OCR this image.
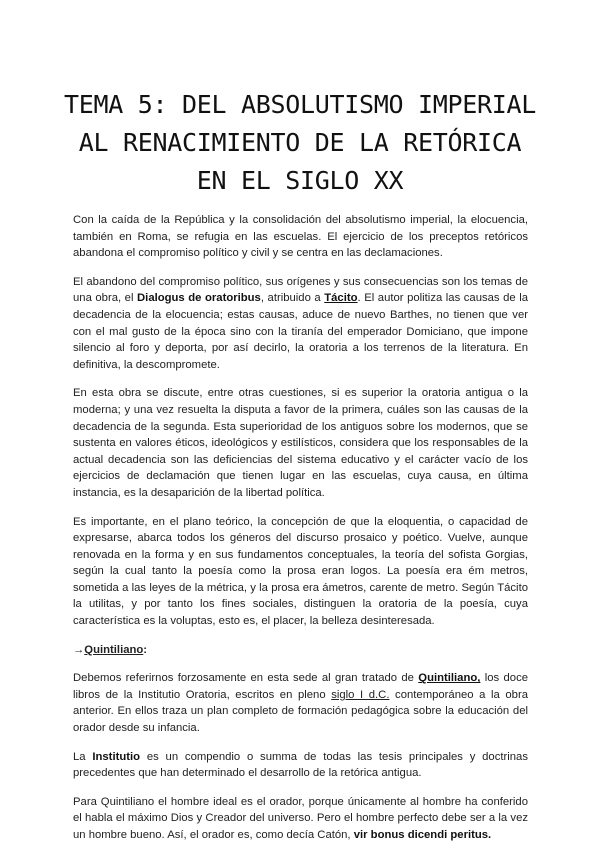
TEMA 5: DEL ABSOLUTISMO IMPERIAL
AL RENACIMIENTO DE LA RETÓRICA
EN EL SIGLO XX

Con la caída de la República y la consolidación del absolutismo imperial, la elocuencia, también en Roma, se refugia en las escuelas. El ejercicio de los preceptos retóricos abandona el compromiso político y civil y se centra en las declamaciones.

El abandono del compromiso político, sus orígenes y sus consecuencias son los temas de una obra, el Dialogus de oratoribus, atribuido a Tácito. El autor politiza las causas de la decadencia de la elocuencia; estas causas, aduce de nuevo Barthes, no tienen que ver con el mal gusto de la época sino con la tiranía del emperador Domiciano, que impone silencio al foro y deporta, por así decirlo, la oratoria a los terrenos de la literatura. En definitiva, la descompromete.

En esta obra se discute, entre otras cuestiones, si es superior la oratoria antigua o la moderna; y una vez resuelta la disputa a favor de la primera, cuáles son las causas de la decadencia de la segunda. Esta superioridad de los antiguos sobre los modernos, que se sustenta en valores éticos, ideológicos y estilísticos, considera que los responsables de la actual decadencia son las deficiencias del sistema educativo y el carácter vacío de los ejercicios de declamación que tienen lugar en las escuelas, cuya causa, en última instancia, es la desaparición de la libertad política.

Es importante, en el plano teórico, la concepción de que la eloquentia, o capacidad de expresarse, abarca todos los géneros del discurso prosaico y poético. Vuelve, aunque renovada en la forma y en sus fundamentos conceptuales, la teoría del sofista Gorgias, según la cual tanto la poesía como la prosa eran logos. La poesía era ém metros, sometida a las leyes de la métrica, y la prosa era ámetros, carente de metro. Según Tácito la utilitas, y por tanto los fines sociales, distinguen la oratoria de la poesía, cuya característica es la voluptas, esto es, el placer, la belleza desinteresada.

→Quintiliano:

Debemos referirnos forzosamente en esta sede al gran tratado de Quintiliano, los doce libros de la Institutio Oratoria, escritos en pleno siglo I d.C. contemporáneo a la obra anterior. En ellos traza un plan completo de formación pedagógica sobre la educación del orador desde su infancia.

La Institutio es un compendio o summa de todas las tesis principales y doctrinas precedentes que han determinado el desarrollo de la retórica antigua.

Para Quintiliano el hombre ideal es el orador, porque únicamente al hombre ha conferido el habla el máximo Dios y Creador del universo. Pero el hombre perfecto debe ser a la vez un hombre bueno. Así, el orador es, como decía Catón, vir bonus dicendi peritus.
